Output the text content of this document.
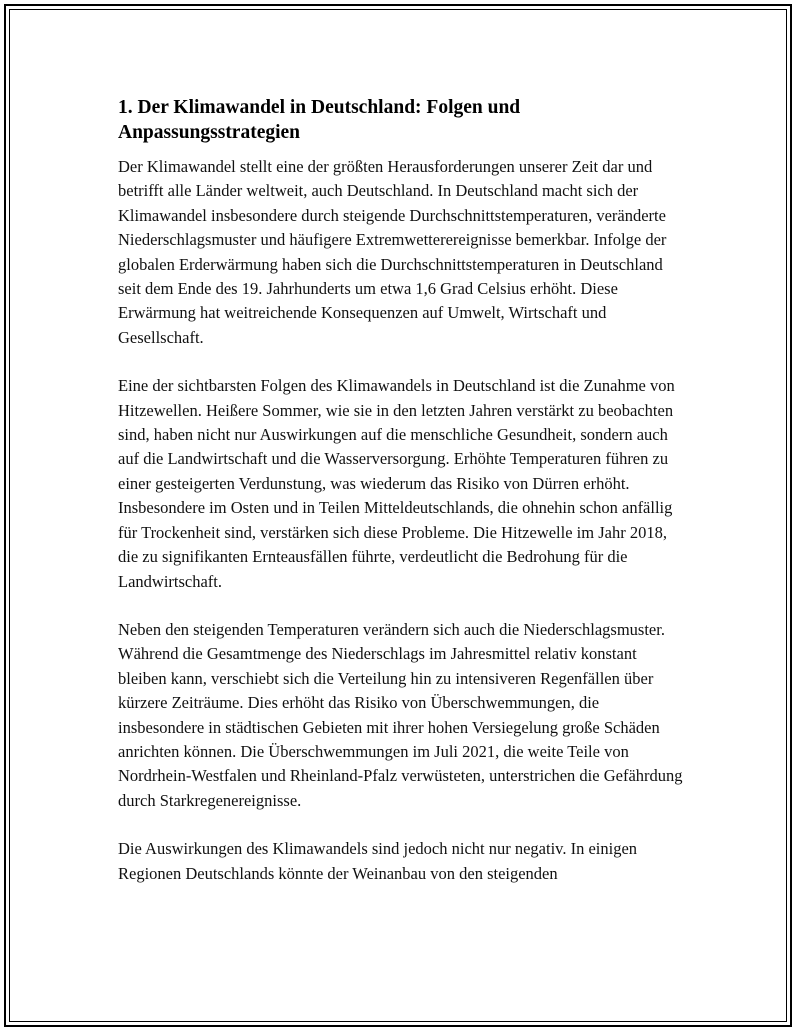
1. Der Klimawandel in Deutschland: Folgen und Anpassungsstrategien

Der Klimawandel stellt eine der größten Herausforderungen unserer Zeit dar und betrifft alle Länder weltweit, auch Deutschland. In Deutschland macht sich der Klimawandel insbesondere durch steigende Durchschnittstemperaturen, veränderte Niederschlagsmuster und häufigere Extremwetterereignisse bemerkbar. Infolge der globalen Erderwärmung haben sich die Durchschnittstemperaturen in Deutschland seit dem Ende des 19. Jahrhunderts um etwa 1,6 Grad Celsius erhöht. Diese Erwärmung hat weitreichende Konsequenzen auf Umwelt, Wirtschaft und Gesellschaft.

Eine der sichtbarsten Folgen des Klimawandels in Deutschland ist die Zunahme von Hitzewellen. Heißere Sommer, wie sie in den letzten Jahren verstärkt zu beobachten sind, haben nicht nur Auswirkungen auf die menschliche Gesundheit, sondern auch auf die Landwirtschaft und die Wasserversorgung. Erhöhte Temperaturen führen zu einer gesteigerten Verdunstung, was wiederum das Risiko von Dürren erhöht. Insbesondere im Osten und in Teilen Mitteldeutschlands, die ohnehin schon anfällig für Trockenheit sind, verstärken sich diese Probleme. Die Hitzewelle im Jahr 2018, die zu signifikanten Ernteausfällen führte, verdeutlicht die Bedrohung für die Landwirtschaft.

Neben den steigenden Temperaturen verändern sich auch die Niederschlagsmuster. Während die Gesamtmenge des Niederschlags im Jahresmittel relativ konstant bleiben kann, verschiebt sich die Verteilung hin zu intensiveren Regenfällen über kürzere Zeiträume. Dies erhöht das Risiko von Überschwemmungen, die insbesondere in städtischen Gebieten mit ihrer hohen Versiegelung große Schäden anrichten können. Die Überschwemmungen im Juli 2021, die weite Teile von Nordrhein-Westfalen und Rheinland-Pfalz verwüsteten, unterstrichen die Gefährdung durch Starkregenereignisse.

Die Auswirkungen des Klimawandels sind jedoch nicht nur negativ. In einigen Regionen Deutschlands könnte der Weinanbau von den steigenden
